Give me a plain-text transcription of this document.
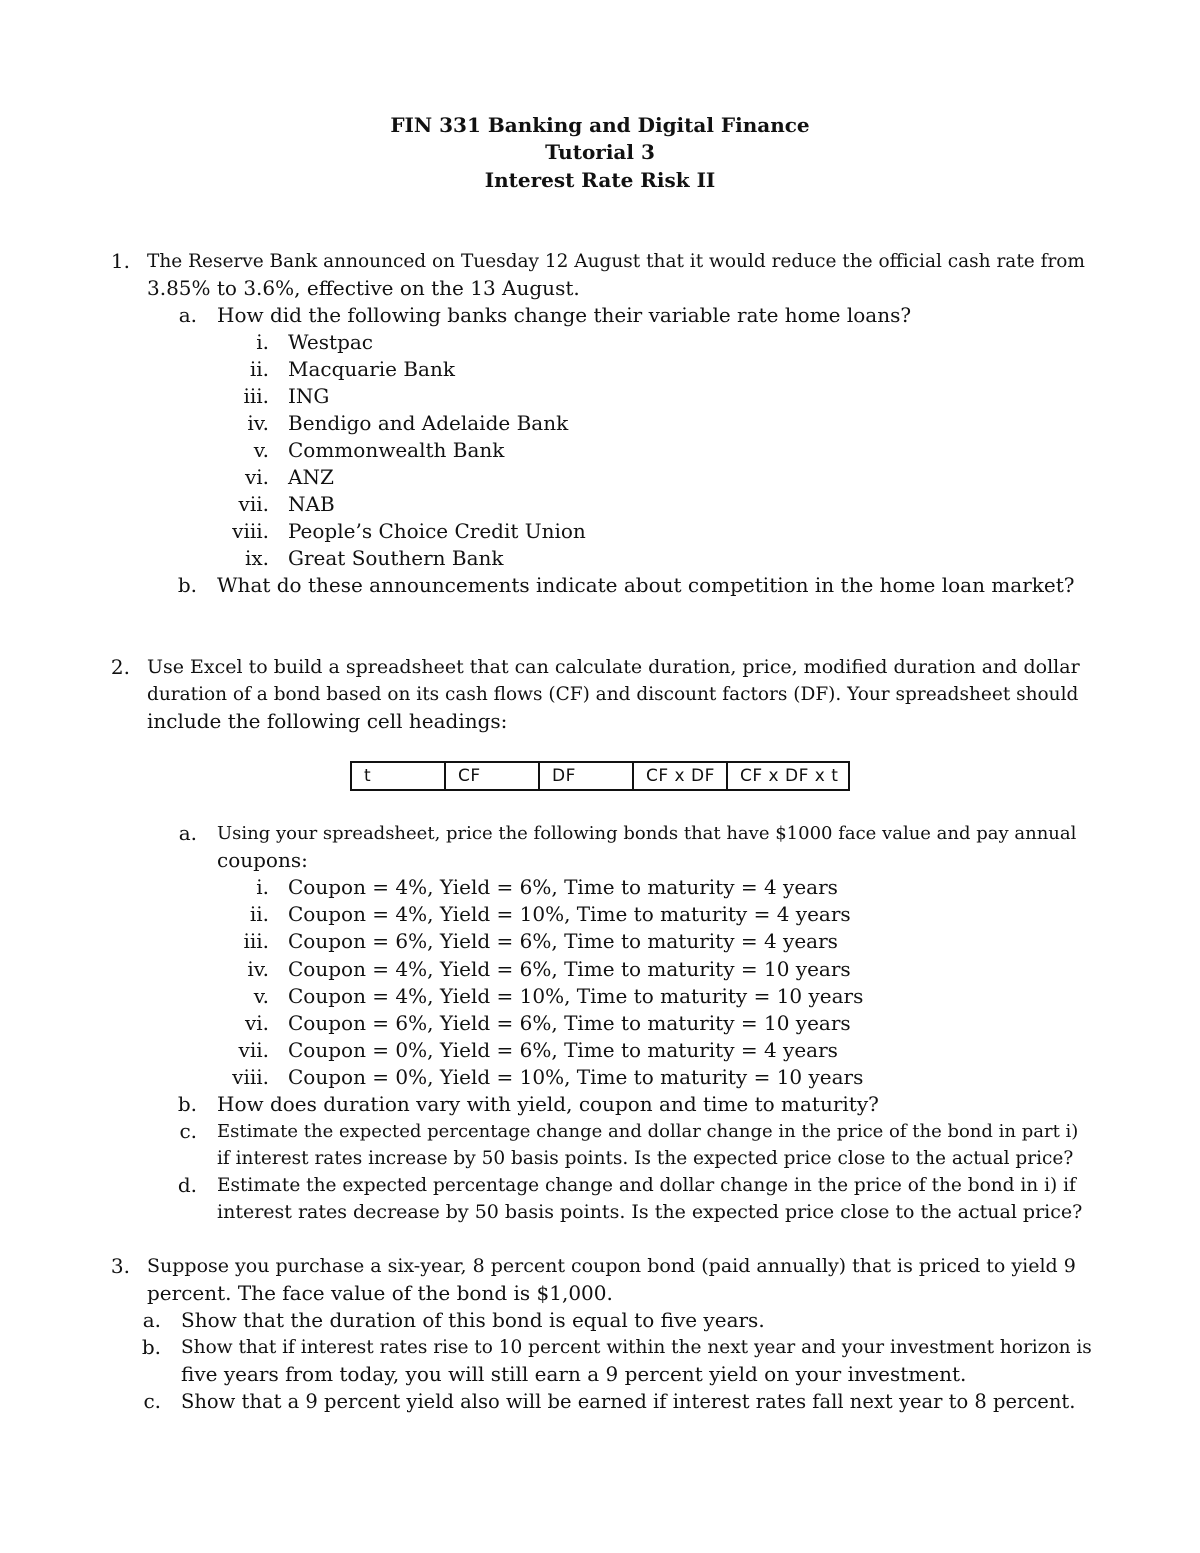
FIN 331 Banking and Digital Finance
Tutorial 3
Interest Rate Risk II
1. The Reserve Bank announced on Tuesday 12 August that it would reduce the official cash rate from
3.85% to 3.6%, effective on the 13 August.
a. How did the following banks change their variable rate home loans?
i. Westpac
ii. Macquarie Bank
iii. ING
iv. Bendigo and Adelaide Bank
v. Commonwealth Bank
vi. ANZ
vii. NAB
viii. People’s Choice Credit Union
ix. Great Southern Bank
b. What do these announcements indicate about competition in the home loan market?
2. Use Excel to build a spreadsheet that can calculate duration, price, modified duration and dollar
duration of a bond based on its cash flows (CF) and discount factors (DF). Your spreadsheet should
include the following cell headings:
t	CF	DF	CF x DF	CF x DF x t
a. Using your spreadsheet, price the following bonds that have $1000 face value and pay annual
coupons:
i. Coupon = 4%, Yield = 6%, Time to maturity = 4 years
ii. Coupon = 4%, Yield = 10%, Time to maturity = 4 years
iii. Coupon = 6%, Yield = 6%, Time to maturity = 4 years
iv. Coupon = 4%, Yield = 6%, Time to maturity = 10 years
v. Coupon = 4%, Yield = 10%, Time to maturity = 10 years
vi. Coupon = 6%, Yield = 6%, Time to maturity = 10 years
vii. Coupon = 0%, Yield = 6%, Time to maturity = 4 years
viii. Coupon = 0%, Yield = 10%, Time to maturity = 10 years
b. How does duration vary with yield, coupon and time to maturity?
c. Estimate the expected percentage change and dollar change in the price of the bond in part i)
if interest rates increase by 50 basis points. Is the expected price close to the actual price?
d. Estimate the expected percentage change and dollar change in the price of the bond in i) if
interest rates decrease by 50 basis points. Is the expected price close to the actual price?
3. Suppose you purchase a six-year, 8 percent coupon bond (paid annually) that is priced to yield 9
percent. The face value of the bond is $1,000.
a. Show that the duration of this bond is equal to five years.
b. Show that if interest rates rise to 10 percent within the next year and your investment horizon is
five years from today, you will still earn a 9 percent yield on your investment.
c. Show that a 9 percent yield also will be earned if interest rates fall next year to 8 percent.
